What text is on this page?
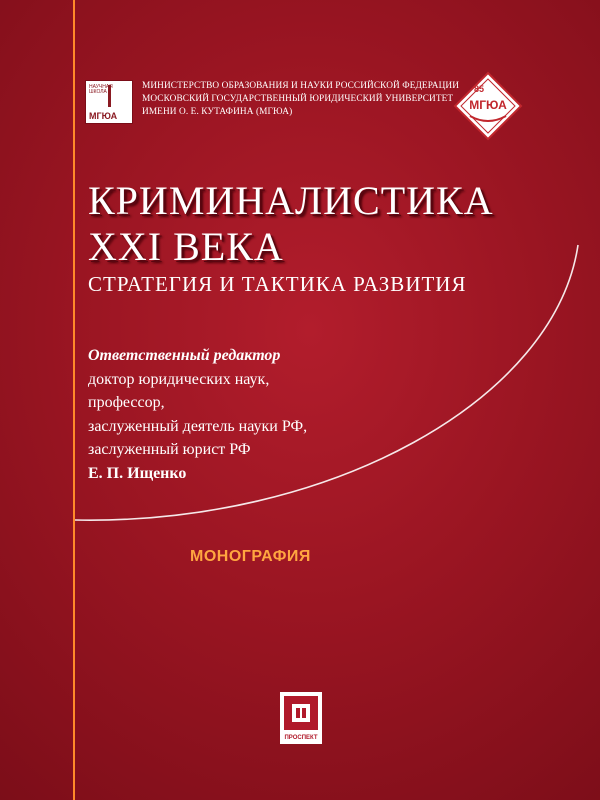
НАУЧНАЯ ШКОЛА
МГЮА
МИНИСТЕРСТВО ОБРАЗОВАНИЯ И НАУКИ РОССИЙСКОЙ ФЕДЕРАЦИИ
МОСКОВСКИЙ ГОСУДАРСТВЕННЫЙ ЮРИДИЧЕСКИЙ УНИВЕРСИТЕТ
ИМЕНИ О. Е. КУТАФИНА (МГЮА)
85
МГЮА
КРИМИНАЛИСТИКА
XXI ВЕКА
СТРАТЕГИЯ И ТАКТИКА РАЗВИТИЯ
Ответственный редактор
доктор юридических наук,
профессор,
заслуженный деятель науки РФ,
заслуженный юрист РФ
Е. П. Ищенко
МОНОГРАФИЯ
ПРОСПЕКТ
